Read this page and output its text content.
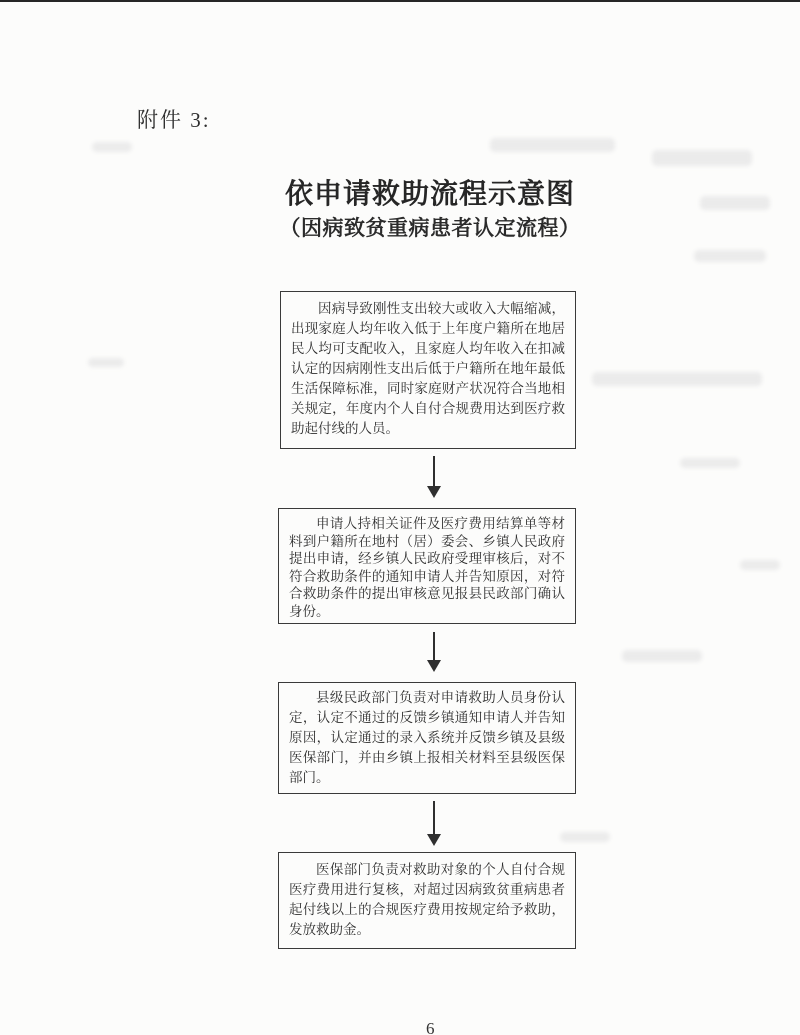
附件 3:
依申请救助流程示意图
（因病致贫重病患者认定流程）
因病导致刚性支出较大或收入大幅缩减，
出现家庭人均年收入低于上年度户籍所在地居
民人均可支配收入，且家庭人均年收入在扣减
认定的因病刚性支出后低于户籍所在地年最低
生活保障标准，同时家庭财产状况符合当地相
关规定，年度内个人自付合规费用达到医疗救
助起付线的人员。
申请人持相关证件及医疗费用结算单等材
料到户籍所在地村（居）委会、乡镇人民政府
提出申请，经乡镇人民政府受理审核后，对不
符合救助条件的通知申请人并告知原因，对符
合救助条件的提出审核意见报县民政部门确认
身份。
县级民政部门负责对申请救助人员身份认
定，认定不通过的反馈乡镇通知申请人并告知
原因，认定通过的录入系统并反馈乡镇及县级
医保部门，并由乡镇上报相关材料至县级医保
部门。
医保部门负责对救助对象的个人自付合规
医疗费用进行复核，对超过因病致贫重病患者
起付线以上的合规医疗费用按规定给予救助，
发放救助金。
6
